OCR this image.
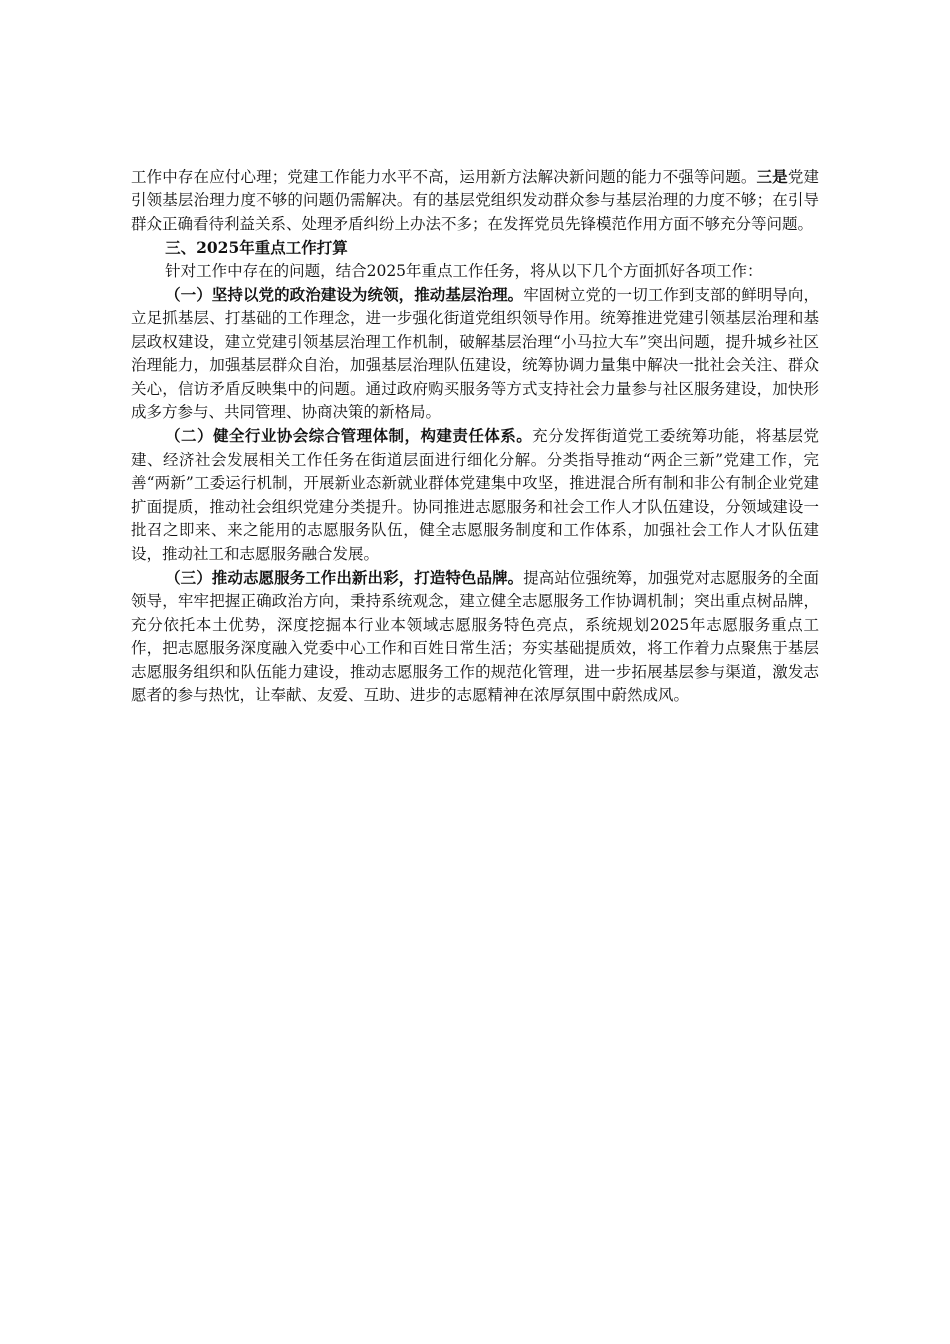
工作中存在应付心理；党建工作能力水平不高，运用新方法解决新问题的能力不强等问题。三是党建引领基层治理力度不够的问题仍需解决。有的基层党组织发动群众参与基层治理的力度不够；在引导群众正确看待利益关系、处理矛盾纠纷上办法不多；在发挥党员先锋模范作用方面不够充分等问题。

三、2025年重点工作打算

针对工作中存在的问题，结合2025年重点工作任务，将从以下几个方面抓好各项工作：

（一）坚持以党的政治建设为统领，推动基层治理。牢固树立党的一切工作到支部的鲜明导向，立足抓基层、打基础的工作理念，进一步强化街道党组织领导作用。统筹推进党建引领基层治理和基层政权建设，建立党建引领基层治理工作机制，破解基层治理“小马拉大车”突出问题，提升城乡社区治理能力，加强基层群众自治，加强基层治理队伍建设，统筹协调力量集中解决一批社会关注、群众关心，信访矛盾反映集中的问题。通过政府购买服务等方式支持社会力量参与社区服务建设，加快形成多方参与、共同管理、协商决策的新格局。

（二）健全行业协会综合管理体制，构建责任体系。充分发挥街道党工委统筹功能，将基层党建、经济社会发展相关工作任务在街道层面进行细化分解。分类指导推动“两企三新”党建工作，完善“两新”工委运行机制，开展新业态新就业群体党建集中攻坚，推进混合所有制和非公有制企业党建扩面提质，推动社会组织党建分类提升。协同推进志愿服务和社会工作人才队伍建设，分领域建设一批召之即来、来之能用的志愿服务队伍，健全志愿服务制度和工作体系，加强社会工作人才队伍建设，推动社工和志愿服务融合发展。

（三）推动志愿服务工作出新出彩，打造特色品牌。提高站位强统筹，加强党对志愿服务的全面领导，牢牢把握正确政治方向，秉持系统观念，建立健全志愿服务工作协调机制；突出重点树品牌，充分依托本土优势，深度挖掘本行业本领域志愿服务特色亮点，系统规划2025年志愿服务重点工作，把志愿服务深度融入党委中心工作和百姓日常生活；夯实基础提质效，将工作着力点聚焦于基层志愿服务组织和队伍能力建设，推动志愿服务工作的规范化管理，进一步拓展基层参与渠道，激发志愿者的参与热忱，让奉献、友爱、互助、进步的志愿精神在浓厚氛围中蔚然成风。
